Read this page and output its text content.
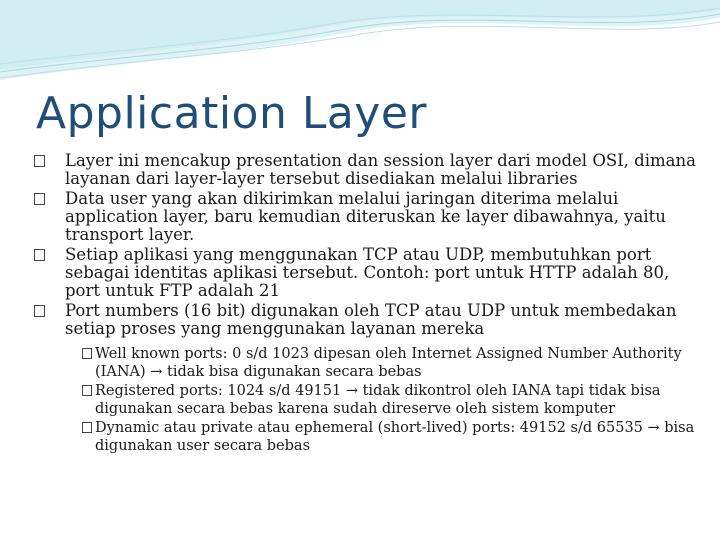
Application Layer
Layer ini mencakup presentation dan session layer dari model OSI, dimana layanan dari layer-layer tersebut disediakan melalui libraries
Data user yang akan dikirimkan melalui jaringan diterima melalui application layer, baru kemudian diteruskan ke layer dibawahnya, yaitu transport layer.
Setiap aplikasi yang menggunakan TCP atau UDP, membutuhkan port sebagai identitas aplikasi tersebut. Contoh: port untuk HTTP adalah 80, port untuk FTP adalah 21
Port numbers (16 bit) digunakan oleh TCP atau UDP untuk membedakan setiap proses yang menggunakan layanan mereka
Well known ports: 0 s/d 1023 dipesan oleh Internet Assigned Number Authority (IANA) → tidak bisa digunakan secara bebas
Registered ports: 1024 s/d 49151 → tidak dikontrol oleh IANA tapi tidak bisa digunakan secara bebas karena sudah direserve oleh sistem komputer
Dynamic atau private atau ephemeral (short-lived) ports: 49152 s/d 65535 → bisa digunakan user secara bebas
